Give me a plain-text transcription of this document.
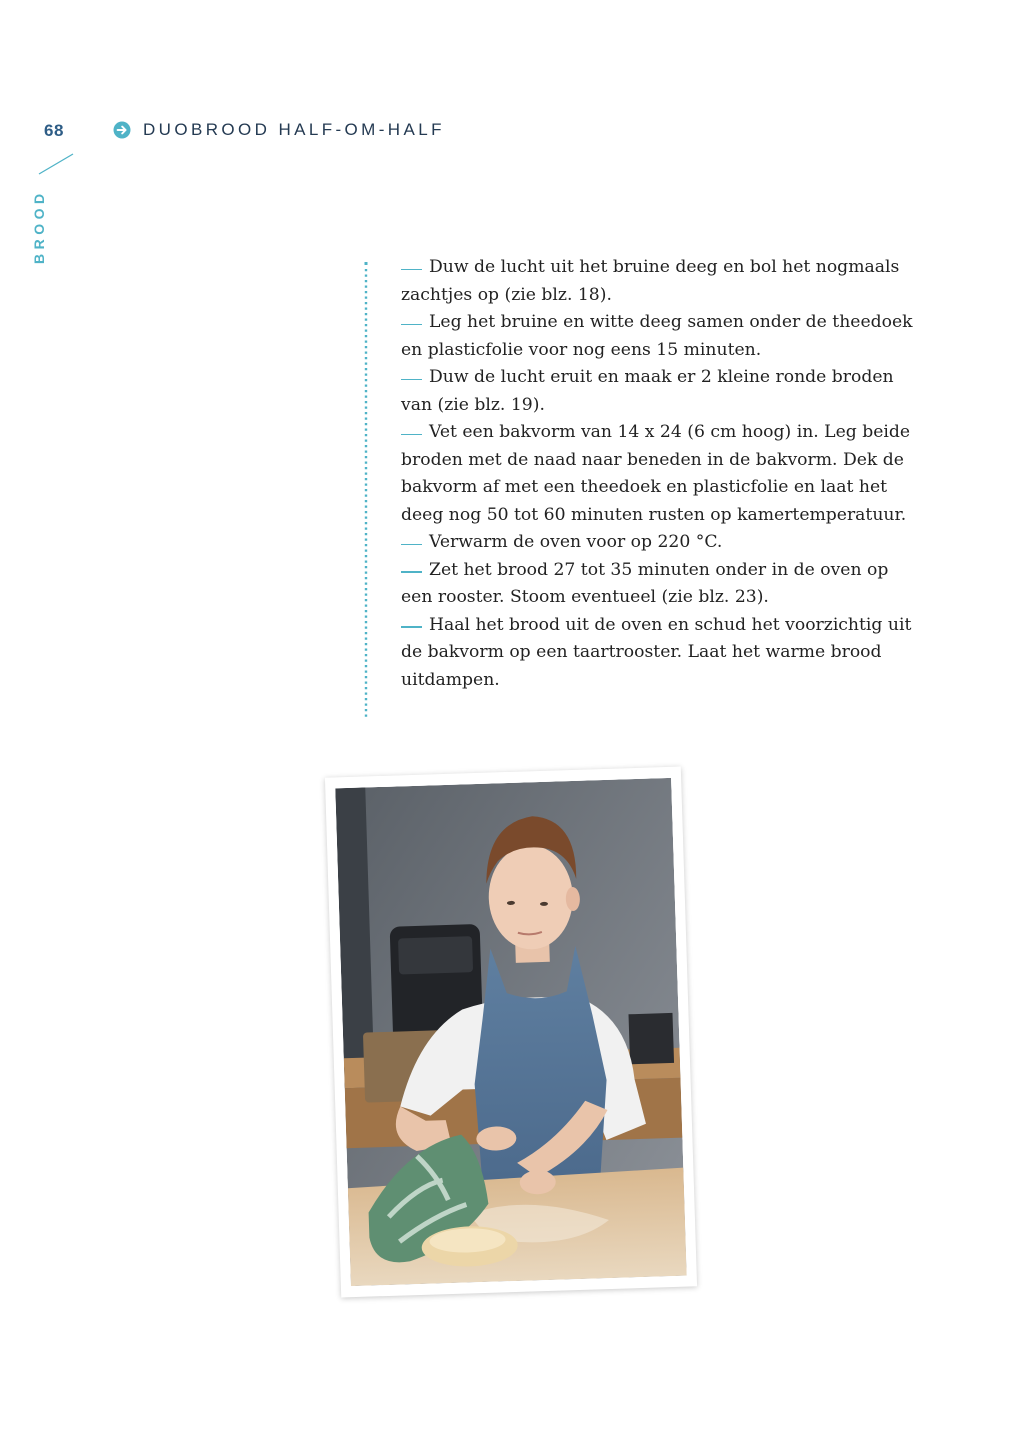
68
BROOD
DUOBROOD HALF-OM-HALF
Duw de lucht uit het bruine deeg en bol het nogmaals zachtjes op (zie blz. 18).
Leg het bruine en witte deeg samen onder de theedoek en plasticfolie voor nog eens 15 minuten.
Duw de lucht eruit en maak er 2 kleine ronde broden van (zie blz. 19).
Vet een bakvorm van 14 x 24 (6 cm hoog) in. Leg beide broden met de naad naar beneden in de bakvorm. Dek de bakvorm af met een theedoek en plasticfolie en laat het deeg nog 50 tot 60 minuten rusten op kamertemperatuur.
Verwarm de oven voor op 220 °C.
Zet het brood 27 tot 35 minuten onder in de oven op een rooster. Stoom eventueel (zie blz. 23).
Haal het brood uit de oven en schud het voorzichtig uit de bakvorm op een taartrooster. Laat het warme brood uitdampen.
